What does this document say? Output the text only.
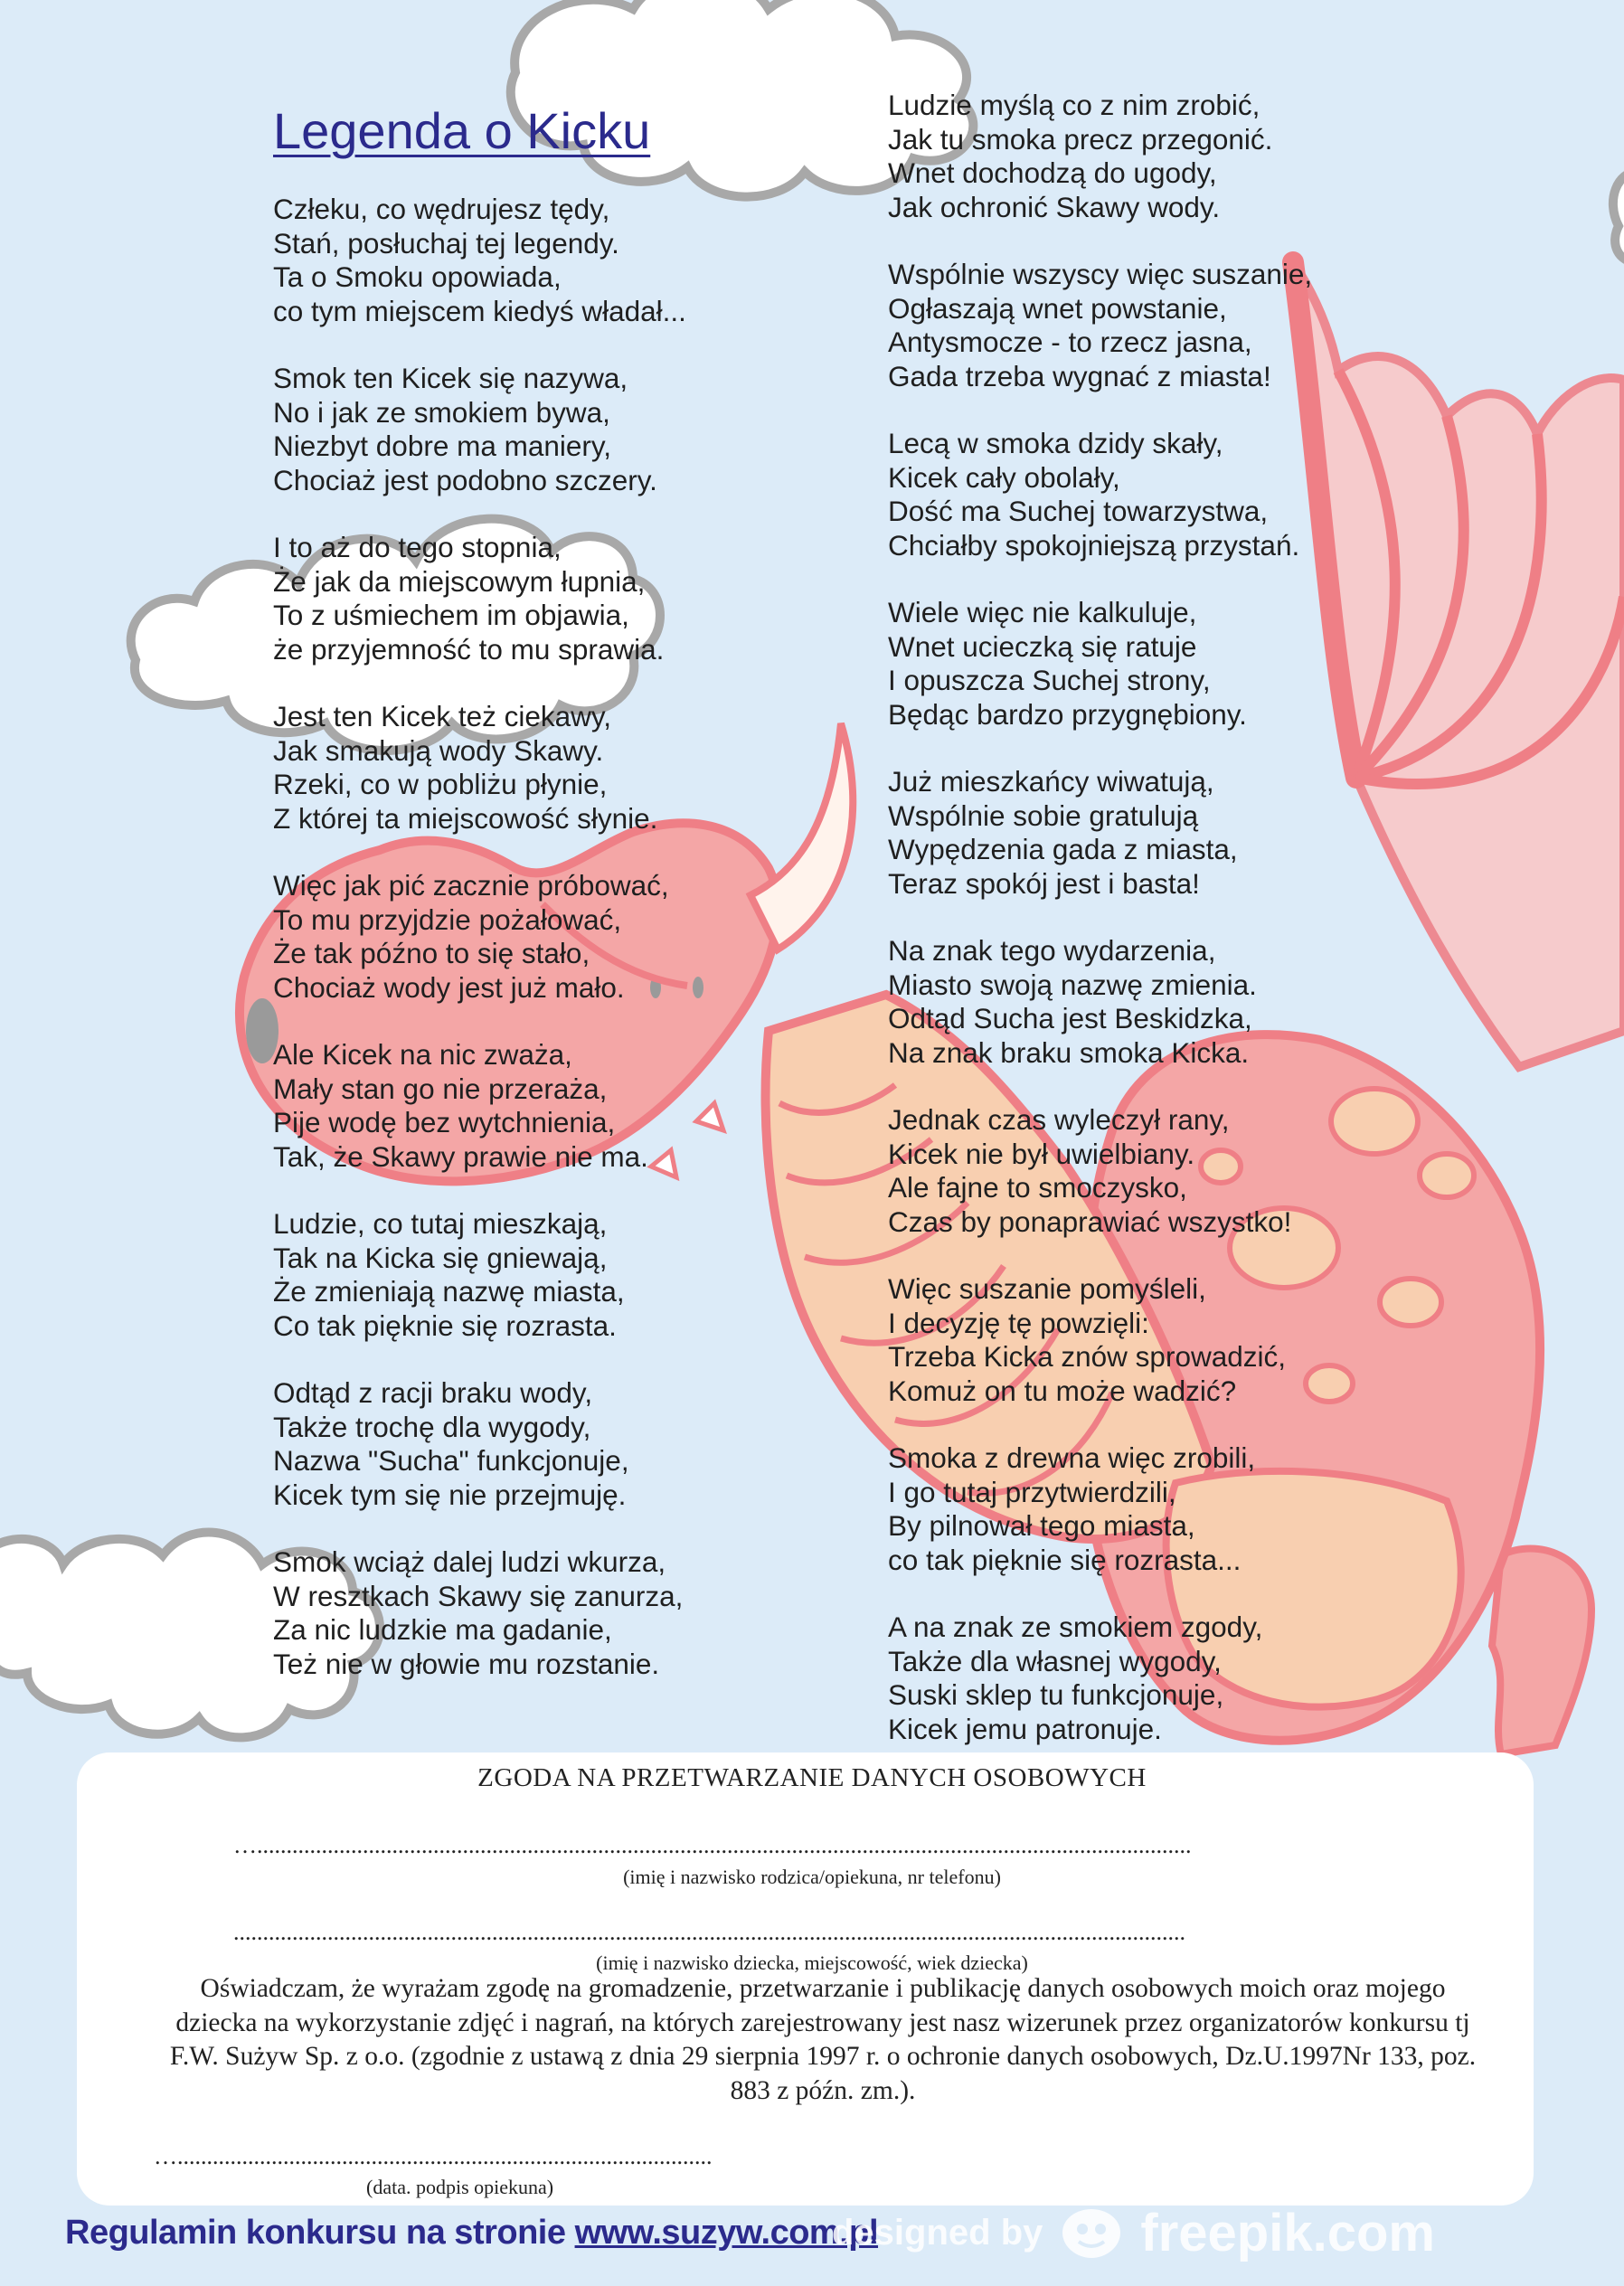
Legenda o Kicku
Człeku, co wędrujesz tędy,
Stań, posłuchaj tej legendy.
Ta o Smoku opowiada,
co tym miejscem kiedyś władał...
Smok ten Kicek się nazywa,
No i jak ze smokiem bywa,
Niezbyt dobre ma maniery,
Chociaż jest podobno szczery.
I to aż do tego stopnia,
Że jak da miejscowym łupnia,
To z uśmiechem im objawia,
że przyjemność to mu sprawia.
Jest ten Kicek też ciekawy,
Jak smakują wody Skawy.
Rzeki, co w pobliżu płynie,
Z której ta miejscowość słynie.
Więc jak pić zacznie próbować,
To mu przyjdzie pożałować,
Że tak późno to się stało,
Chociaż wody jest już mało.
Ale Kicek na nic zważa,
Mały stan go nie przeraża,
Pije wodę bez wytchnienia,
Tak, że Skawy prawie nie ma.
Ludzie, co tutaj mieszkają,
Tak na Kicka się gniewają,
Że zmieniają nazwę miasta,
Co tak pięknie się rozrasta.
Odtąd z racji braku wody,
Także trochę dla wygody,
Nazwa "Sucha" funkcjonuje,
Kicek tym się nie przejmuję.
Smok wciąż dalej ludzi wkurza,
W resztkach Skawy się zanurza,
Za nic ludzkie ma gadanie,
Też nie w głowie mu rozstanie.
Ludzie myślą co z nim zrobić,
Jak tu smoka precz przegonić.
Wnet dochodzą do ugody,
Jak ochronić Skawy wody.
Wspólnie wszyscy więc suszanie,
Ogłaszają wnet powstanie,
Antysmocze - to rzecz jasna,
Gada trzeba wygnać z miasta!
Lecą w smoka dzidy skały,
Kicek cały obolały,
Dość ma Suchej towarzystwa,
Chciałby spokojniejszą przystań.
Wiele więc nie kalkuluje,
Wnet ucieczką się ratuje
I opuszcza Suchej strony,
Będąc bardzo przygnębiony.
Już mieszkańcy wiwatują,
Wspólnie sobie gratulują
Wypędzenia gada z miasta,
Teraz spokój jest i basta!
Na znak tego wydarzenia,
Miasto swoją nazwę zmienia.
Odtąd Sucha jest Beskidzka,
Na znak braku smoka Kicka.
Jednak czas wyleczył rany,
Kicek nie był uwielbiany.
Ale fajne to smoczysko,
Czas by ponaprawiać wszystko!
Więc suszanie pomyśleli,
I decyzję tę powzięli:
Trzeba Kicka znów sprowadzić,
Komuż on tu może wadzić?
Smoka z drewna więc zrobili,
I go tutaj przytwierdzili,
By pilnował tego miasta,
co tak pięknie się rozrasta...
A na znak ze smokiem zgody,
Także dla własnej wygody,
Suski sklep tu funkcjonuje,
Kicek jemu patronuje.
ZGODA NA PRZETWARZANIE DANYCH OSOBOWYCH
…...............................................................................................................................................................
(imię i nazwisko rodzica/opiekuna, nr telefonu)
..................................................................................................................................................................
(imię i nazwisko dziecka, miejscowość, wiek dziecka)

Oświadczam, że wyrażam zgodę na gromadzenie, przetwarzanie i publikację danych osobowych moich oraz mojego dziecka na wykorzystanie zdjęć i nagrań, na których zarejestrowany jest nasz wizerunek przez organizatorów konkursu tj F.W. Sużyw Sp. z o.o. (zgodnie z ustawą z dnia 29 sierpnia 1997 r. o ochronie danych osobowych, Dz.U.1997Nr 133, poz. 883 z późn. zm.).

…...........................................................................................
(data. podpis opiekuna)
Regulamin konkursu na stronie www.suzyw.com.pl
designed by freepik.com
